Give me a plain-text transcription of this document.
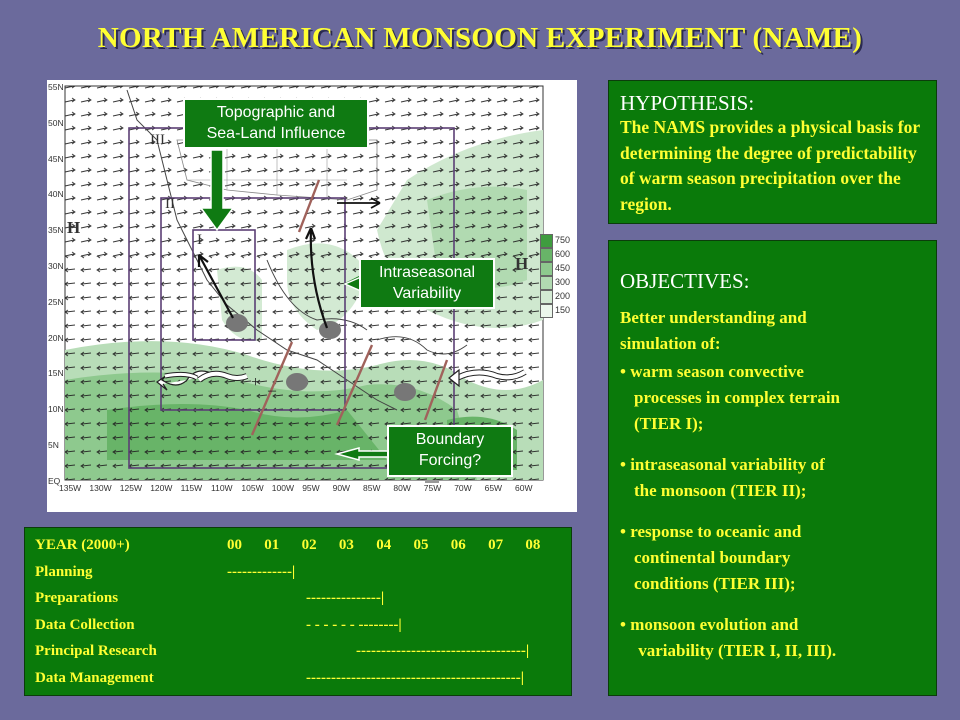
NORTH AMERICAN MONSOON EXPERIMENT (NAME)
III
II
I
H
H
+ –
55N
50N
45N
40N
35N
30N
25N
20N
15N
10N
5N
EQ
135W 130W 125W 120W 115W 110W 105W 100W 95W 90W 85W 80W 75W 70W 65W 60W
750
600
450
300
200
150
Topographic and
Sea-Land Influence
Intraseasonal
Variability
Boundary
Forcing?
HYPOTHESIS:
The NAMS provides a physical basis for determining the degree of predictability of warm season precipitation over the region.
OBJECTIVES:
Better understanding and
simulation of:
• warm season convective
processes in complex terrain
(TIER I);
• intraseasonal variability of
the monsoon (TIER II);
• response to oceanic and
continental boundary
conditions (TIER III);
• monsoon evolution and
variability (TIER I, II, III).
YEAR (2000+)	00 01 02 03 04 05 06 07 08
Planning	-------------|
Preparations	---------------|
Data Collection	- - - - - - --------|
Principal Research	----------------------------------|
Data Management	-------------------------------------------|
